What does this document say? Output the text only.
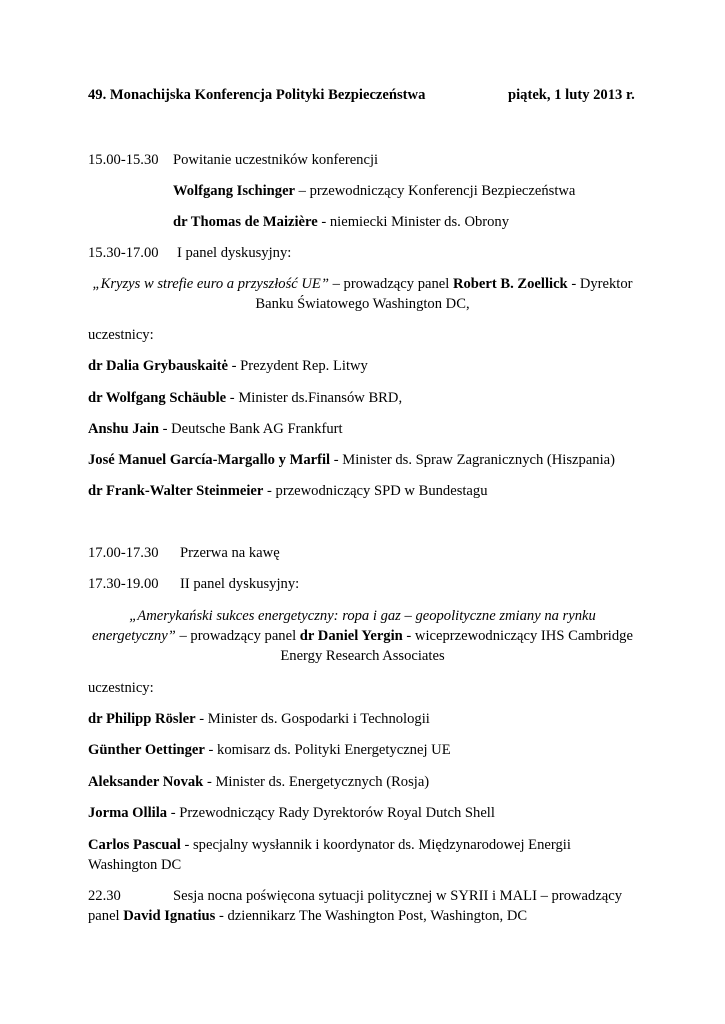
49. Monachijska Konferencja Polityki Bezpieczeństwa	piątek, 1 luty 2013 r.
15.00-15.30 Powitanie uczestników konferencji
Wolfgang Ischinger – przewodniczący Konferencji Bezpieczeństwa
dr Thomas de Maizière - niemiecki Minister ds. Obrony
15.30-17.00 I panel dyskusyjny:
„Kryzys w strefie euro a przyszłość UE” – prowadzący panel Robert B. Zoellick - Dyrektor
Banku Światowego Washington DC,
uczestnicy:
dr Dalia Grybauskaitė - Prezydent Rep. Litwy
dr Wolfgang Schäuble - Minister ds.Finansów BRD,
Anshu Jain - Deutsche Bank AG Frankfurt
José Manuel García-Margallo y Marfil - Minister ds. Spraw Zagranicznych (Hiszpania)
dr Frank-Walter Steinmeier - przewodniczący SPD w Bundestagu
17.00-17.30 Przerwa na kawę
17.30-19.00 II panel dyskusyjny:
„Amerykański sukces energetyczny: ropa i gaz – geopolityczne zmiany na rynku
energetyczny” – prowadzący panel dr Daniel Yergin - wiceprzewodniczący IHS Cambridge
Energy Research Associates
uczestnicy:
dr Philipp Rösler - Minister ds. Gospodarki i Technologii
Günther Oettinger - komisarz ds. Polityki Energetycznej UE
Aleksander Novak - Minister ds. Energetycznych (Rosja)
Jorma Ollila - Przewodniczący Rady Dyrektorów Royal Dutch Shell
Carlos Pascual - specjalny wysłannik i koordynator ds. Międzynarodowej Energii
Washington DC
22.30	Sesja nocna poświęcona sytuacji politycznej w SYRII i MALI – prowadzący
panel David Ignatius - dziennikarz The Washington Post, Washington, DC
